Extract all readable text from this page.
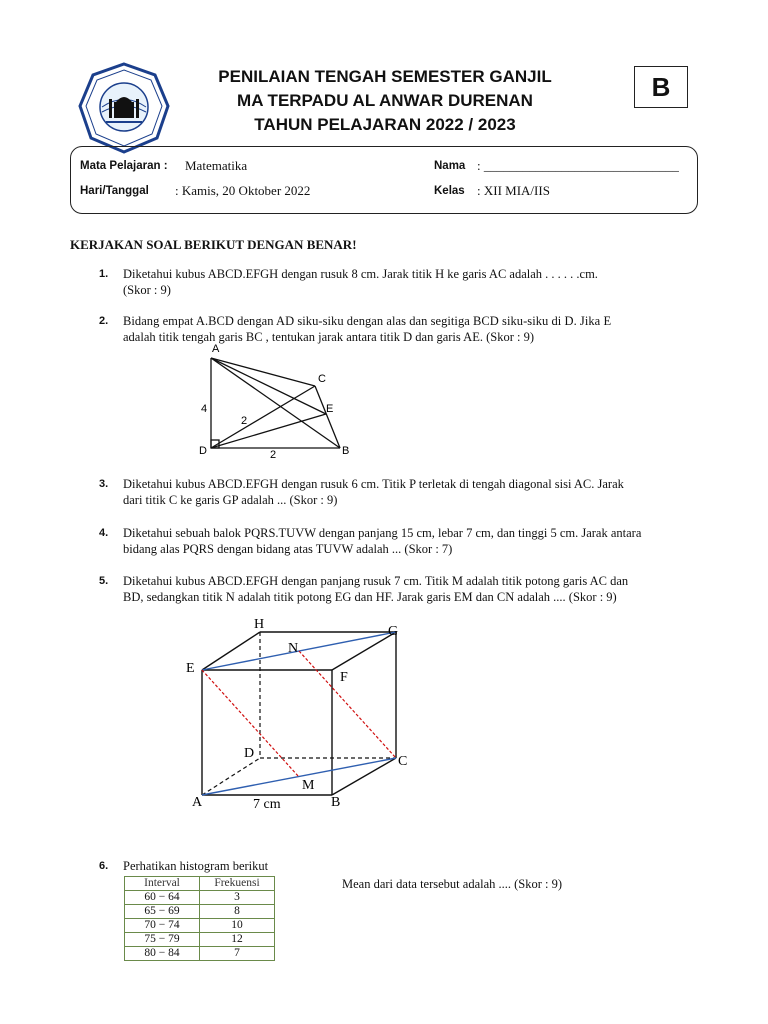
PENILAIAN TENGAH SEMESTER GANJIL
MA TERPADU AL ANWAR DURENAN
TAHUN PELAJARAN 2022 / 2023
B
Mata Pelajaran : Matematika
Hari/Tanggal : Kamis, 20 Oktober 2022
Nama : ______________________________
Kelas : XII MIA/IIS
KERJAKAN SOAL BERIKUT DENGAN BENAR!
1. Diketahui kubus ABCD.EFGH dengan rusuk 8 cm. Jarak titik H ke garis AC adalah . . . . . .cm.
(Skor : 9)
2. Bidang empat A.BCD dengan AD siku-siku dengan alas dan segitiga BCD siku-siku di D. Jika E
adalah titik tengah garis BC , tentukan jarak antara titik D dan garis AE. (Skor : 9)
A
D	B
C
E
4
2
2
3. Diketahui kubus ABCD.EFGH dengan rusuk 6 cm. Titik P terletak di tengah diagonal sisi AC. Jarak
dari titik C ke garis GP adalah ... (Skor : 9)
4. Diketahui sebuah balok PQRS.TUVW dengan panjang 15 cm, lebar 7 cm, dan tinggi 5 cm. Jarak antara
bidang alas PQRS dengan bidang atas TUVW adalah ... (Skor : 7)
5. Diketahui kubus ABCD.EFGH dengan panjang rusuk 7 cm. Titik M adalah titik potong garis AC dan
BD, sedangkan titik N adalah titik potong EG dan HF. Jarak garis EM dan CN adalah .... (Skor : 9)
H	G
N
E
F
D
C
M
A	B
7 cm
6. Perhatikan histogram berikut
Mean dari data tersebut adalah .... (Skor : 9)
Interval	Frekuensi
60 − 64	3
65 − 69	8
70 − 74	10
75 − 79	12
80 − 84	7
